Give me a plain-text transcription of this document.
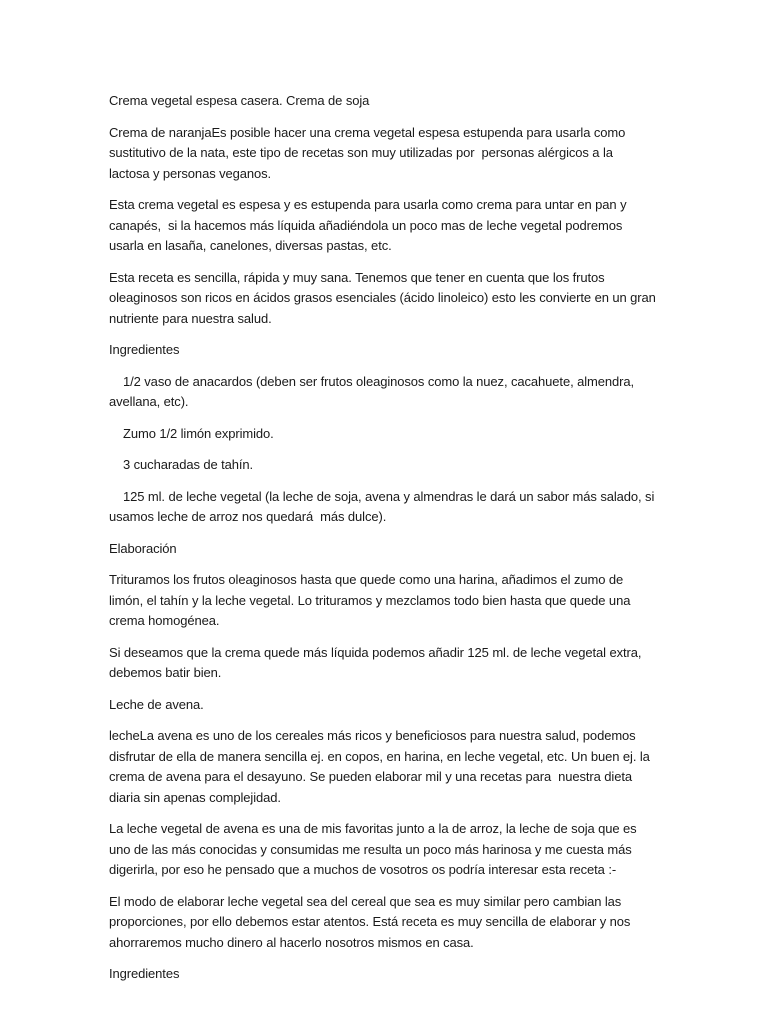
Crema vegetal espesa casera. Crema de soja

Crema de naranjaEs posible hacer una crema vegetal espesa estupenda para usarla como
sustitutivo de la nata, este tipo de recetas son muy utilizadas por  personas alérgicos a la
lactosa y personas veganos.

Esta crema vegetal es espesa y es estupenda para usarla como crema para untar en pan y
canapés,  si la hacemos más líquida añadiéndola un poco mas de leche vegetal podremos
usarla en lasaña, canelones, diversas pastas, etc.

Esta receta es sencilla, rápida y muy sana. Tenemos que tener en cuenta que los frutos
oleaginosos son ricos en ácidos grasos esenciales (ácido linoleico) esto les convierte en un gran
nutriente para nuestra salud.

Ingredientes

1/2 vaso de anacardos (deben ser frutos oleaginosos como la nuez, cacahuete, almendra,
avellana, etc).

Zumo 1/2 limón exprimido.

3 cucharadas de tahín.

125 ml. de leche vegetal (la leche de soja, avena y almendras le dará un sabor más salado, si
usamos leche de arroz nos quedará  más dulce).

Elaboración

Trituramos los frutos oleaginosos hasta que quede como una harina, añadimos el zumo de
limón, el tahín y la leche vegetal. Lo trituramos y mezclamos todo bien hasta que quede una
crema homogénea.

Si deseamos que la crema quede más líquida podemos añadir 125 ml. de leche vegetal extra,
debemos batir bien.

Leche de avena.

lecheLa avena es uno de los cereales más ricos y beneficiosos para nuestra salud, podemos
disfrutar de ella de manera sencilla ej. en copos, en harina, en leche vegetal, etc. Un buen ej. la
crema de avena para el desayuno. Se pueden elaborar mil y una recetas para  nuestra dieta
diaria sin apenas complejidad.

La leche vegetal de avena es una de mis favoritas junto a la de arroz, la leche de soja que es
uno de las más conocidas y consumidas me resulta un poco más harinosa y me cuesta más
digerirla, por eso he pensado que a muchos de vosotros os podría interesar esta receta :-

El modo de elaborar leche vegetal sea del cereal que sea es muy similar pero cambian las
proporciones, por ello debemos estar atentos. Está receta es muy sencilla de elaborar y nos
ahorraremos mucho dinero al hacerlo nosotros mismos en casa.

Ingredientes
